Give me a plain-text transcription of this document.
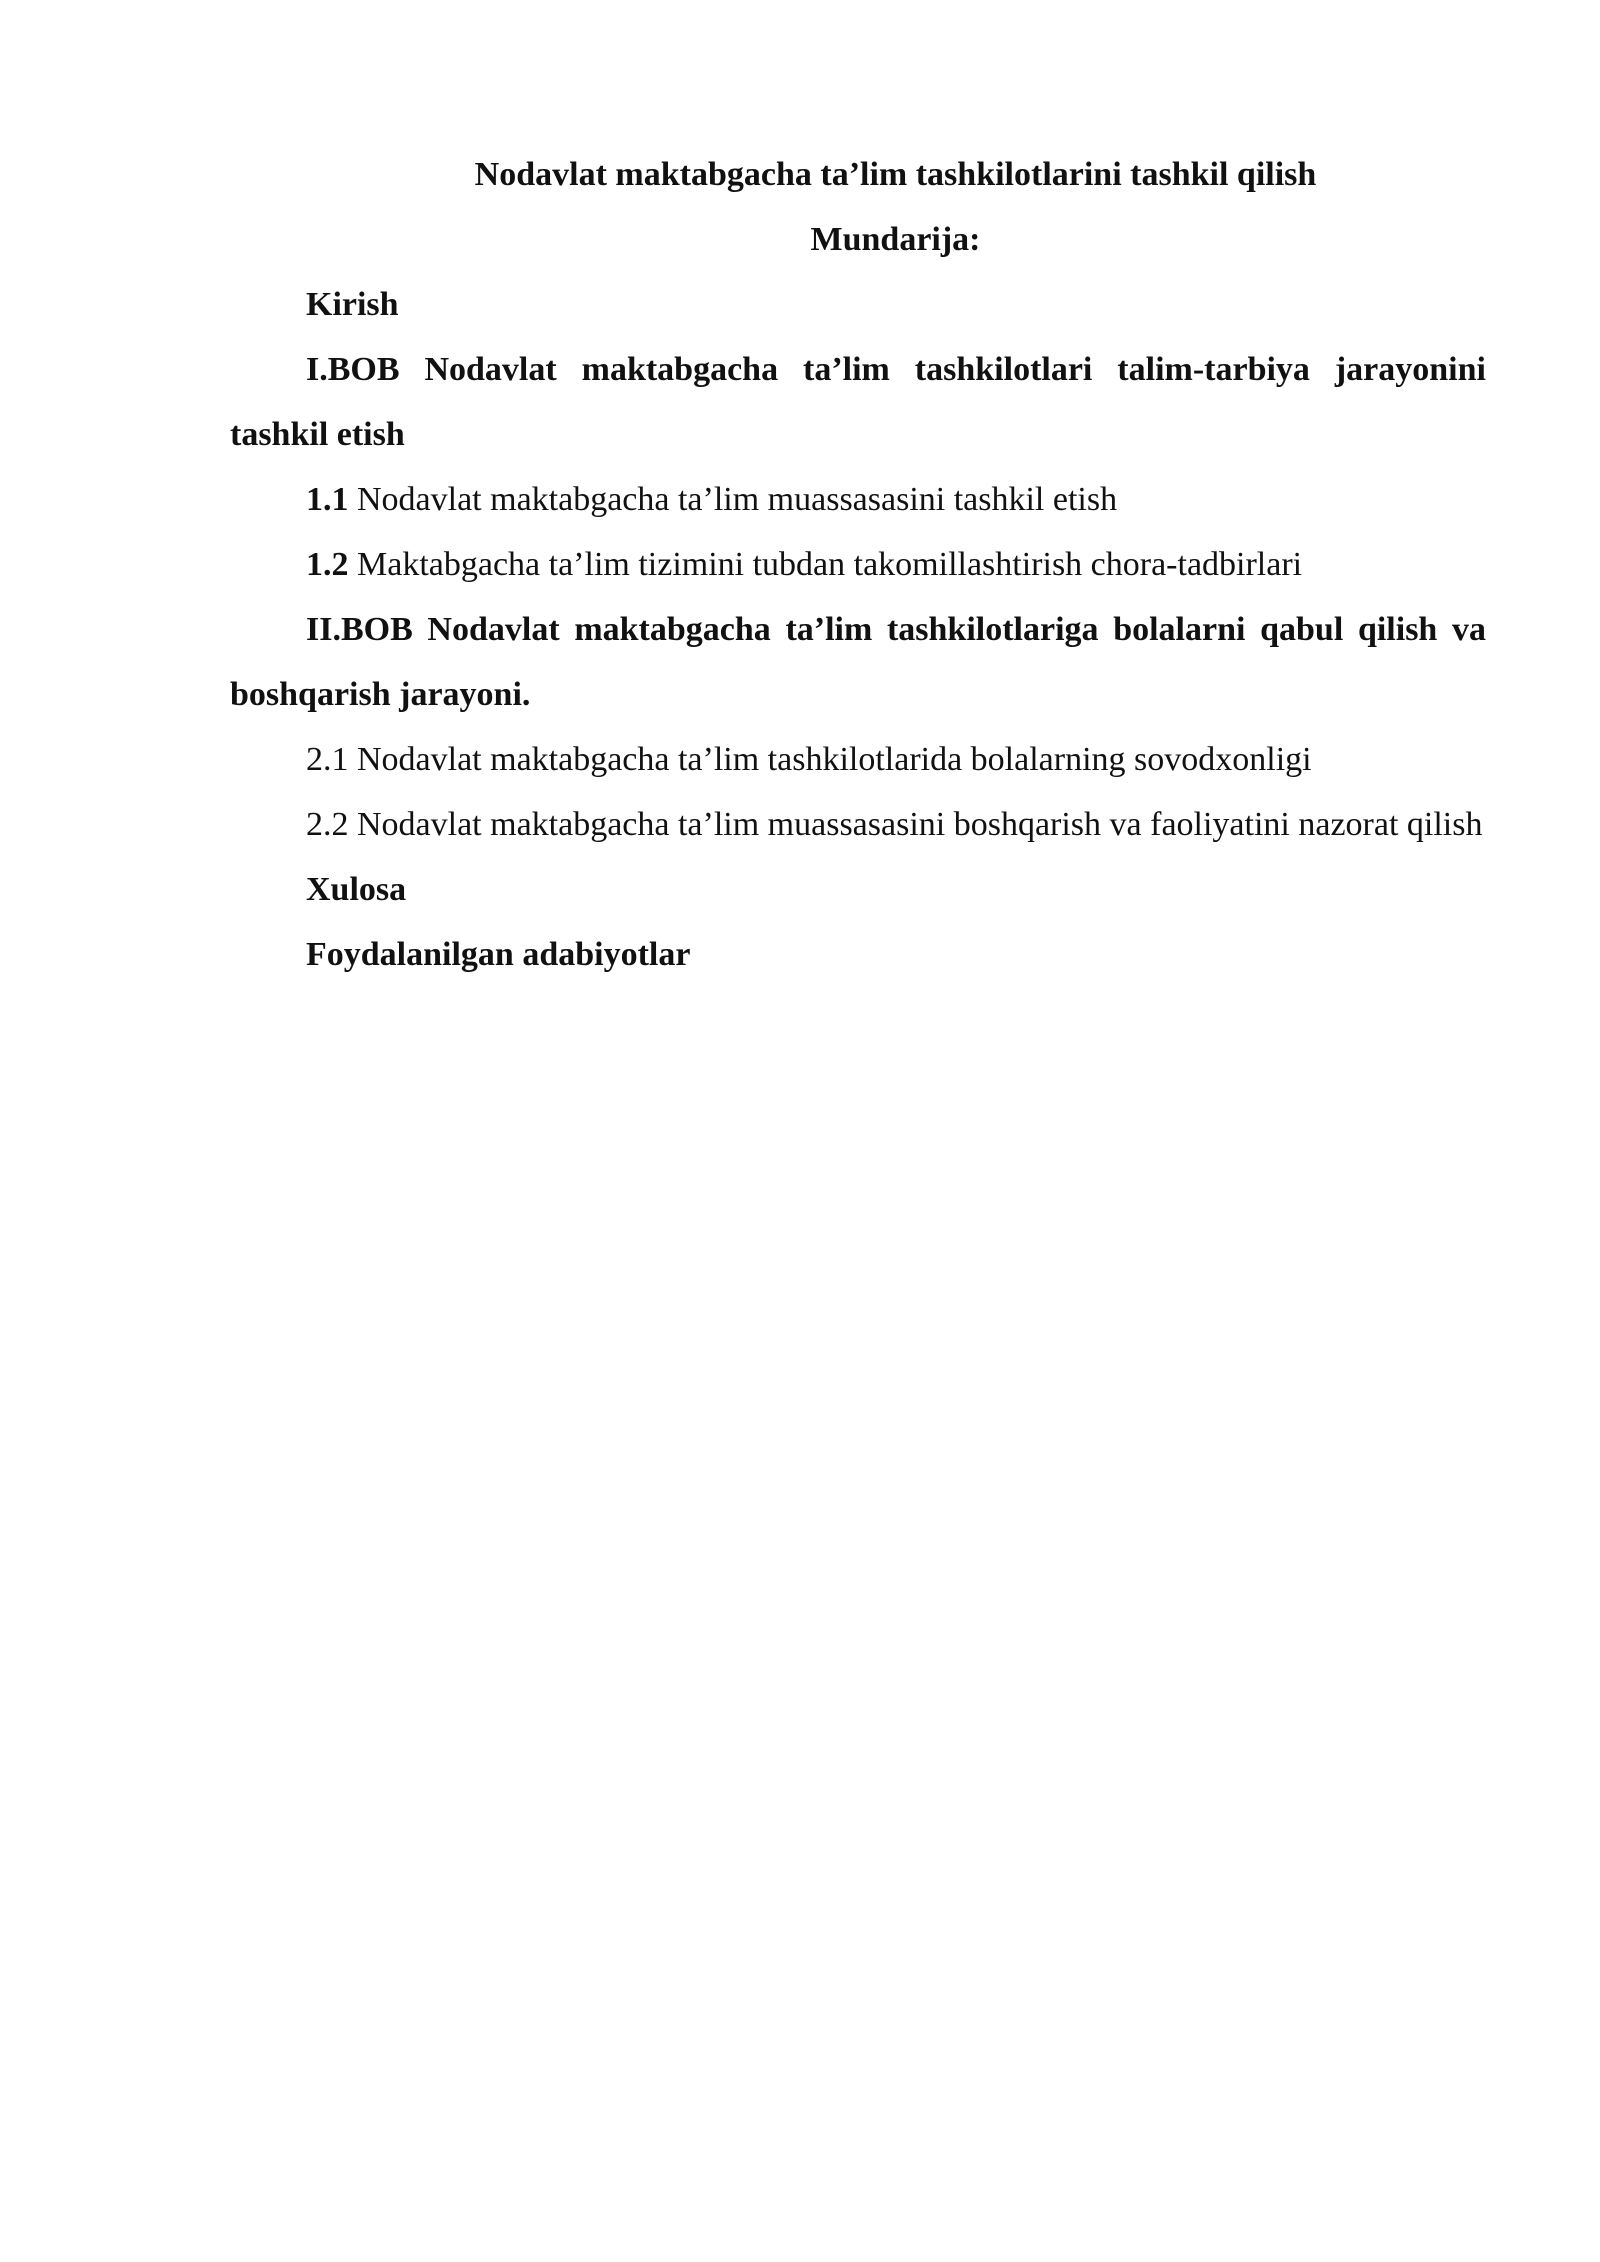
Nodavlat maktabgacha ta’lim tashkilotlarini tashkil qilish

Mundarija:

Kirish

I.BOB Nodavlat maktabgacha ta’lim tashkilotlari talim-tarbiya jarayonini tashkil etish

1.1 Nodavlat maktabgacha ta’lim muassasasini tashkil etish

1.2 Maktabgacha ta’lim tizimini tubdan takomillashtirish chora-tadbirlari

II.BOB Nodavlat maktabgacha ta’lim tashkilotlariga bolalarni qabul qilish va boshqarish jarayoni.

2.1 Nodavlat maktabgacha ta’lim tashkilotlarida bolalarning sovodxonligi

2.2 Nodavlat maktabgacha ta’lim muassasasini boshqarish va faoliyatini nazorat qilish

Xulosa

Foydalanilgan adabiyotlar
